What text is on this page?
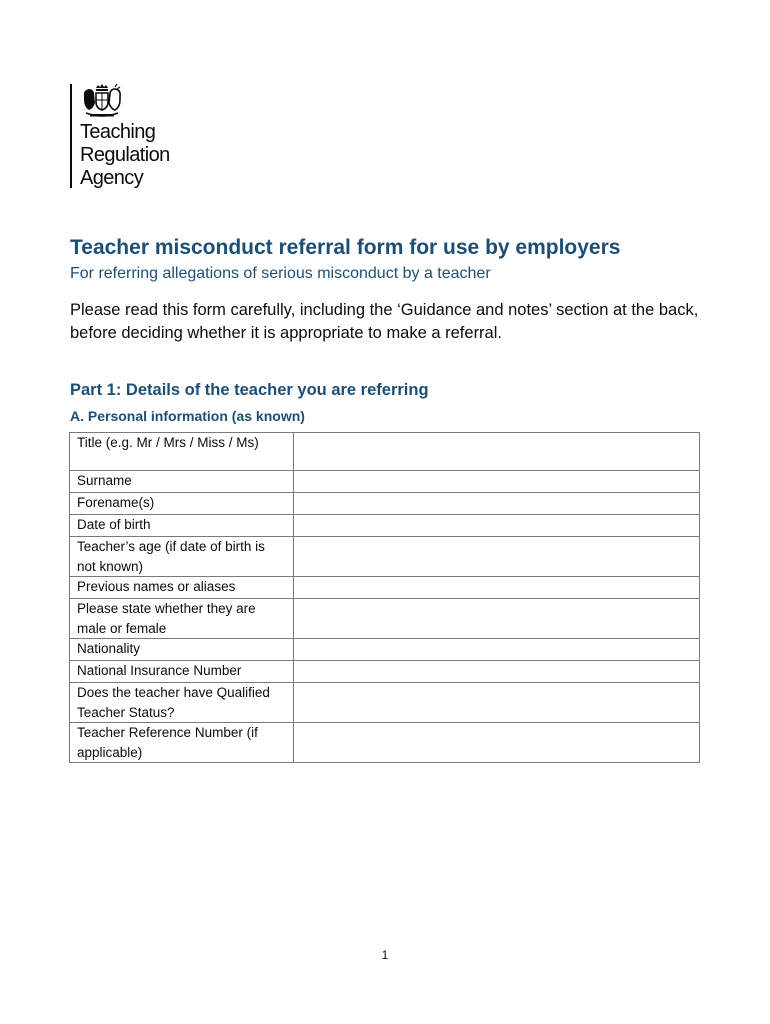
Teaching
Regulation
Agency
Teacher misconduct referral form for use by employers

For referring allegations of serious misconduct by a teacher

Please read this form carefully, including the ‘Guidance and notes’ section at the back, before deciding whether it is appropriate to make a referral.

Part 1: Details of the teacher you are referring
A. Personal information (as known)
Title (e.g. Mr / Mrs / Miss / Ms)	
Surname	
Forename(s)	
Date of birth	
Teacher’s age (if date of birth is not known)	
Previous names or aliases	
Please state whether they are male or female	
Nationality	
National Insurance Number	
Does the teacher have Qualified Teacher Status?	
Teacher Reference Number (if applicable)	
1
